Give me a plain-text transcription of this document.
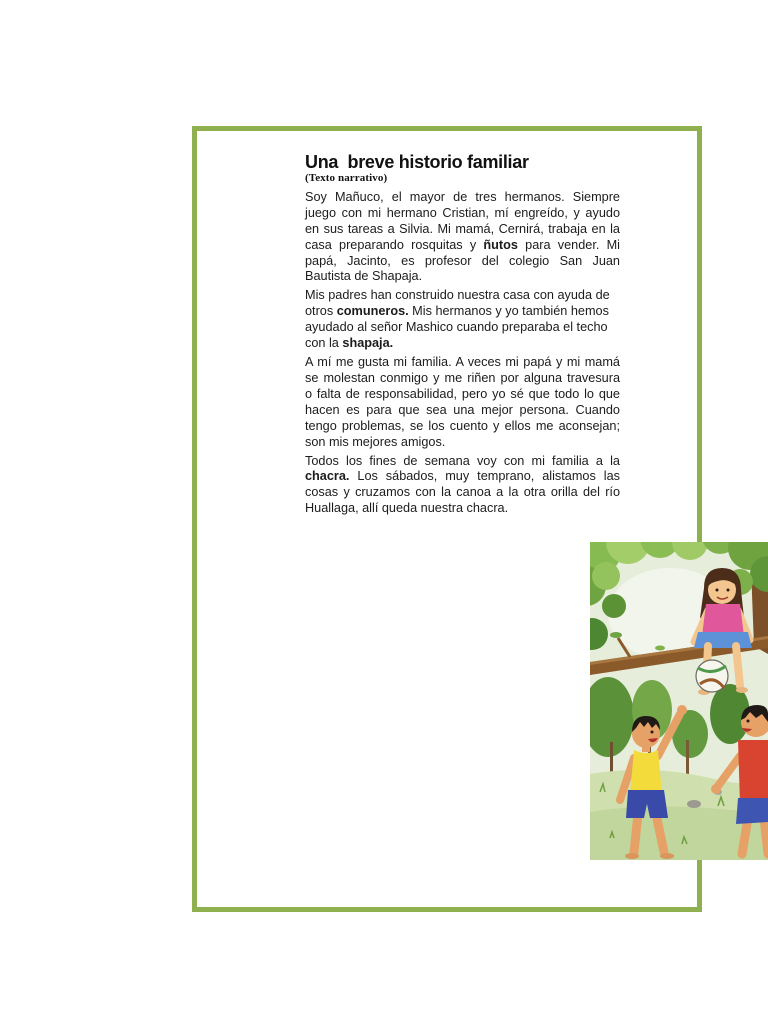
Una  breve historio familiar
(Texto narrativo)
Soy Mañuco, el mayor de tres hermanos. Siempre
juego con mi hermano Cristian, mí engreído, y ayudo
en sus tareas a Silvia. Mi mamá, Cernirá, trabaja en la
casa preparando rosquitas y ñutos para vender. Mi
papá, Jacinto, es profesor del colegio San Juan
Bautista de Shapaja.
Mis padres han construido nuestra casa con ayuda de
otros comuneros. Mis hermanos y yo también hemos
ayudado al señor Mashico cuando preparaba el techo
con la shapaja.
A mí me gusta mi familia. A veces mi papá y mi mamá
se molestan conmigo y me riñen por alguna travesura
o falta de responsabilidad, pero yo sé que todo lo que
hacen es para que sea una mejor persona. Cuando
tengo problemas, se los cuento y ellos me aconsejan;
son mis mejores amigos.
Todos los fines de semana voy con mi familia a la
chacra. Los sábados, muy temprano, alistamos las
cosas y cruzamos con la canoa a la otra orilla del río
Huallaga, allí queda nuestra chacra.
